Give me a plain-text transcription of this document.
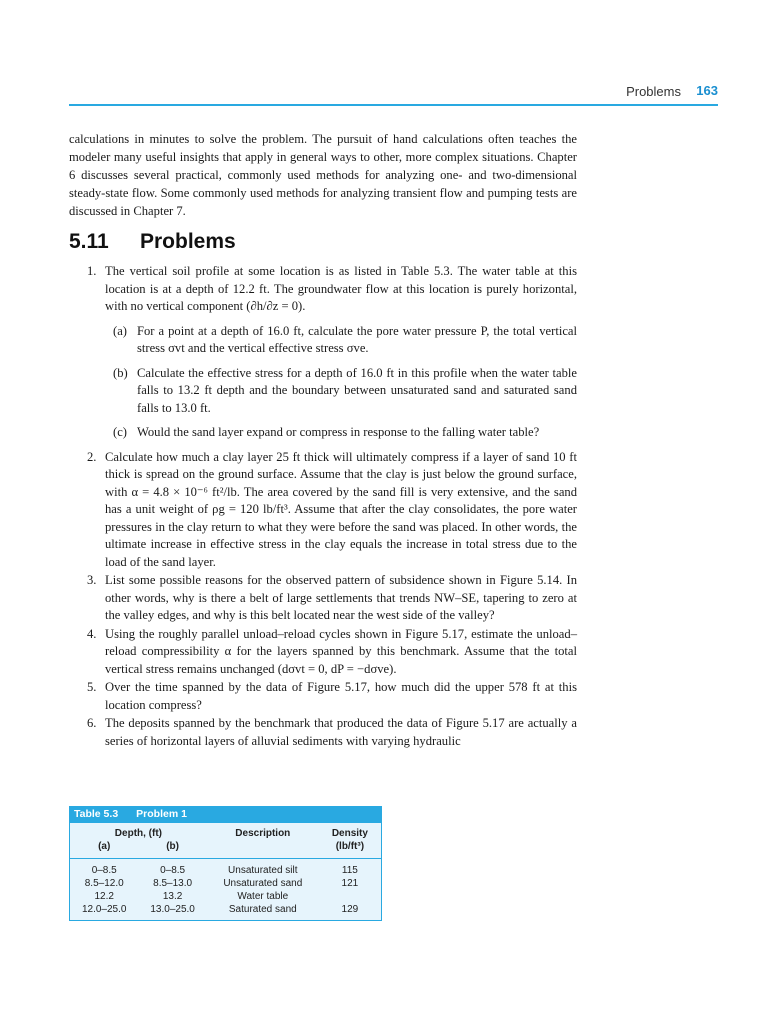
Problems 163

calculations in minutes to solve the problem. The pursuit of hand calculations often teaches the modeler many useful insights that apply in general ways to other, more complex situations. Chapter 6 discusses several practical, commonly used methods for analyzing one- and two-dimensional steady-state flow. Some commonly used methods for analyzing transient flow and pumping tests are discussed in Chapter 7.

5.11 Problems
1. The vertical soil profile at some location is as listed in Table 5.3. The water table at this location is at a depth of 12.2 ft. The groundwater flow at this location is purely horizontal, with no vertical component (∂h/∂z = 0).
(a) For a point at a depth of 16.0 ft, calculate the pore water pressure P, the total vertical stress σvt and the vertical effective stress σve.
(b) Calculate the effective stress for a depth of 16.0 ft in this profile when the water table falls to 13.2 ft depth and the boundary between unsaturated sand and saturated sand falls to 13.0 ft.
(c) Would the sand layer expand or compress in response to the falling water table?
2. Calculate how much a clay layer 25 ft thick will ultimately compress if a layer of sand 10 ft thick is spread on the ground surface. Assume that the clay is just below the ground surface, with α = 4.8 × 10⁻⁶ ft²/lb. The area covered by the sand fill is very extensive, and the sand has a unit weight of ρg = 120 lb/ft³. Assume that after the clay consolidates, the pore water pressures in the clay return to what they were before the sand was placed. In other words, the ultimate increase in effective stress in the clay equals the increase in total stress due to the load of the sand layer.
3. List some possible reasons for the observed pattern of subsidence shown in Figure 5.14. In other words, why is there a belt of large settlements that trends NW–SE, tapering to zero at the valley edges, and why is this belt located near the west side of the valley?
4. Using the roughly parallel unload–reload cycles shown in Figure 5.17, estimate the unload–reload compressibility α for the layers spanned by this benchmark. Assume that the total vertical stress remains unchanged (dσvt = 0, dP = −dσve).
5. Over the time spanned by the data of Figure 5.17, how much did the upper 578 ft at this location compress?
6. The deposits spanned by the benchmark that produced the data of Figure 5.17 are actually a series of horizontal layers of alluvial sediments with varying hydraulic
Table 5.3 Problem 1
Depth, (ft)		Description	Density
(a)	(b)		(lb/ft³)

0–8.5	0–8.5	Unsaturated silt	115
8.5–12.0	8.5–13.0	Unsaturated sand	121
12.2	13.2	Water table	
12.0–25.0	13.0–25.0	Saturated sand	129
